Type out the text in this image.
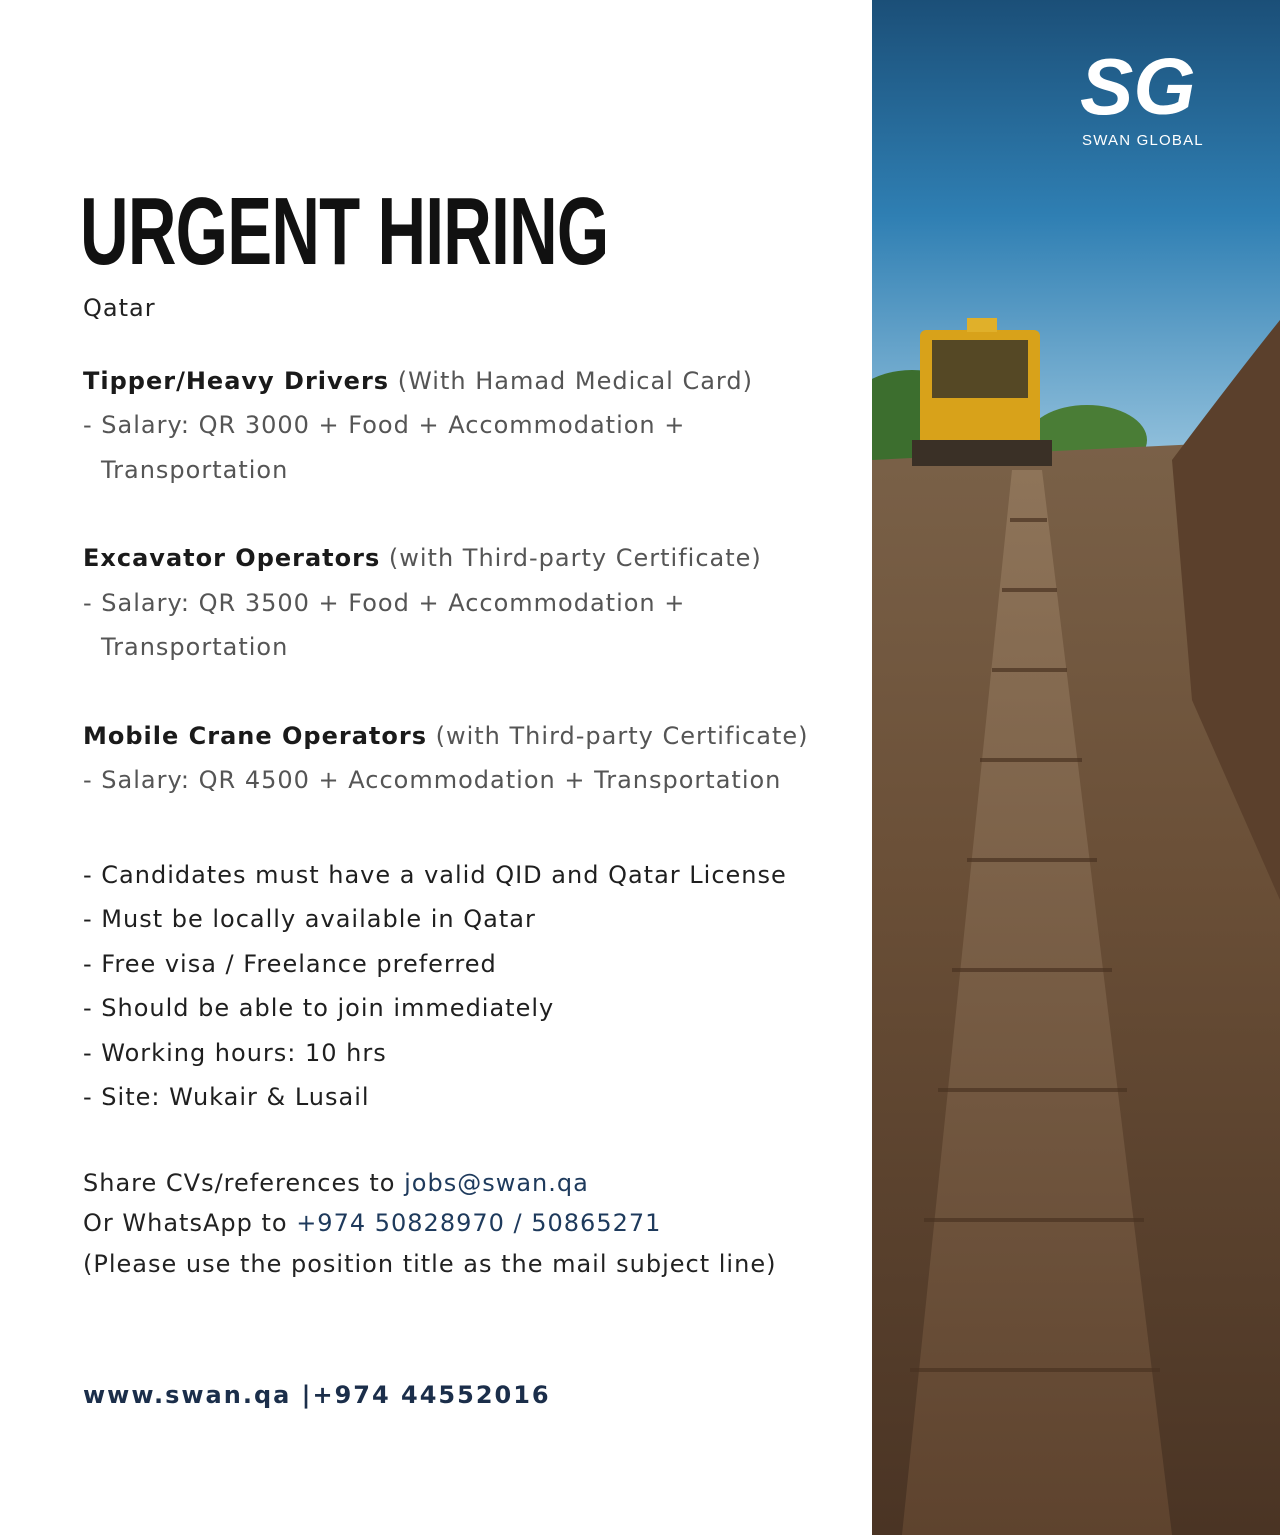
SG
SWAN GLOBAL
URGENT HIRING
Qatar
Tipper/Heavy Drivers (With Hamad Medical Card)
- Salary: QR 3000 + Food + Accommodation +
Transportation
Excavator Operators (with Third-party Certificate)
- Salary: QR 3500 + Food + Accommodation +
Transportation
Mobile Crane Operators (with Third-party Certificate)
- Salary: QR 4500 + Accommodation + Transportation
- Candidates must have a valid QID and Qatar License
- Must be locally available in Qatar
- Free visa / Freelance preferred
- Should be able to join immediately
- Working hours: 10 hrs
- Site: Wukair & Lusail
Share CVs/references to jobs@swan.qa
Or WhatsApp to +974 50828970 / 50865271
(Please use the position title as the mail subject line)
www.swan.qa |+974 44552016
